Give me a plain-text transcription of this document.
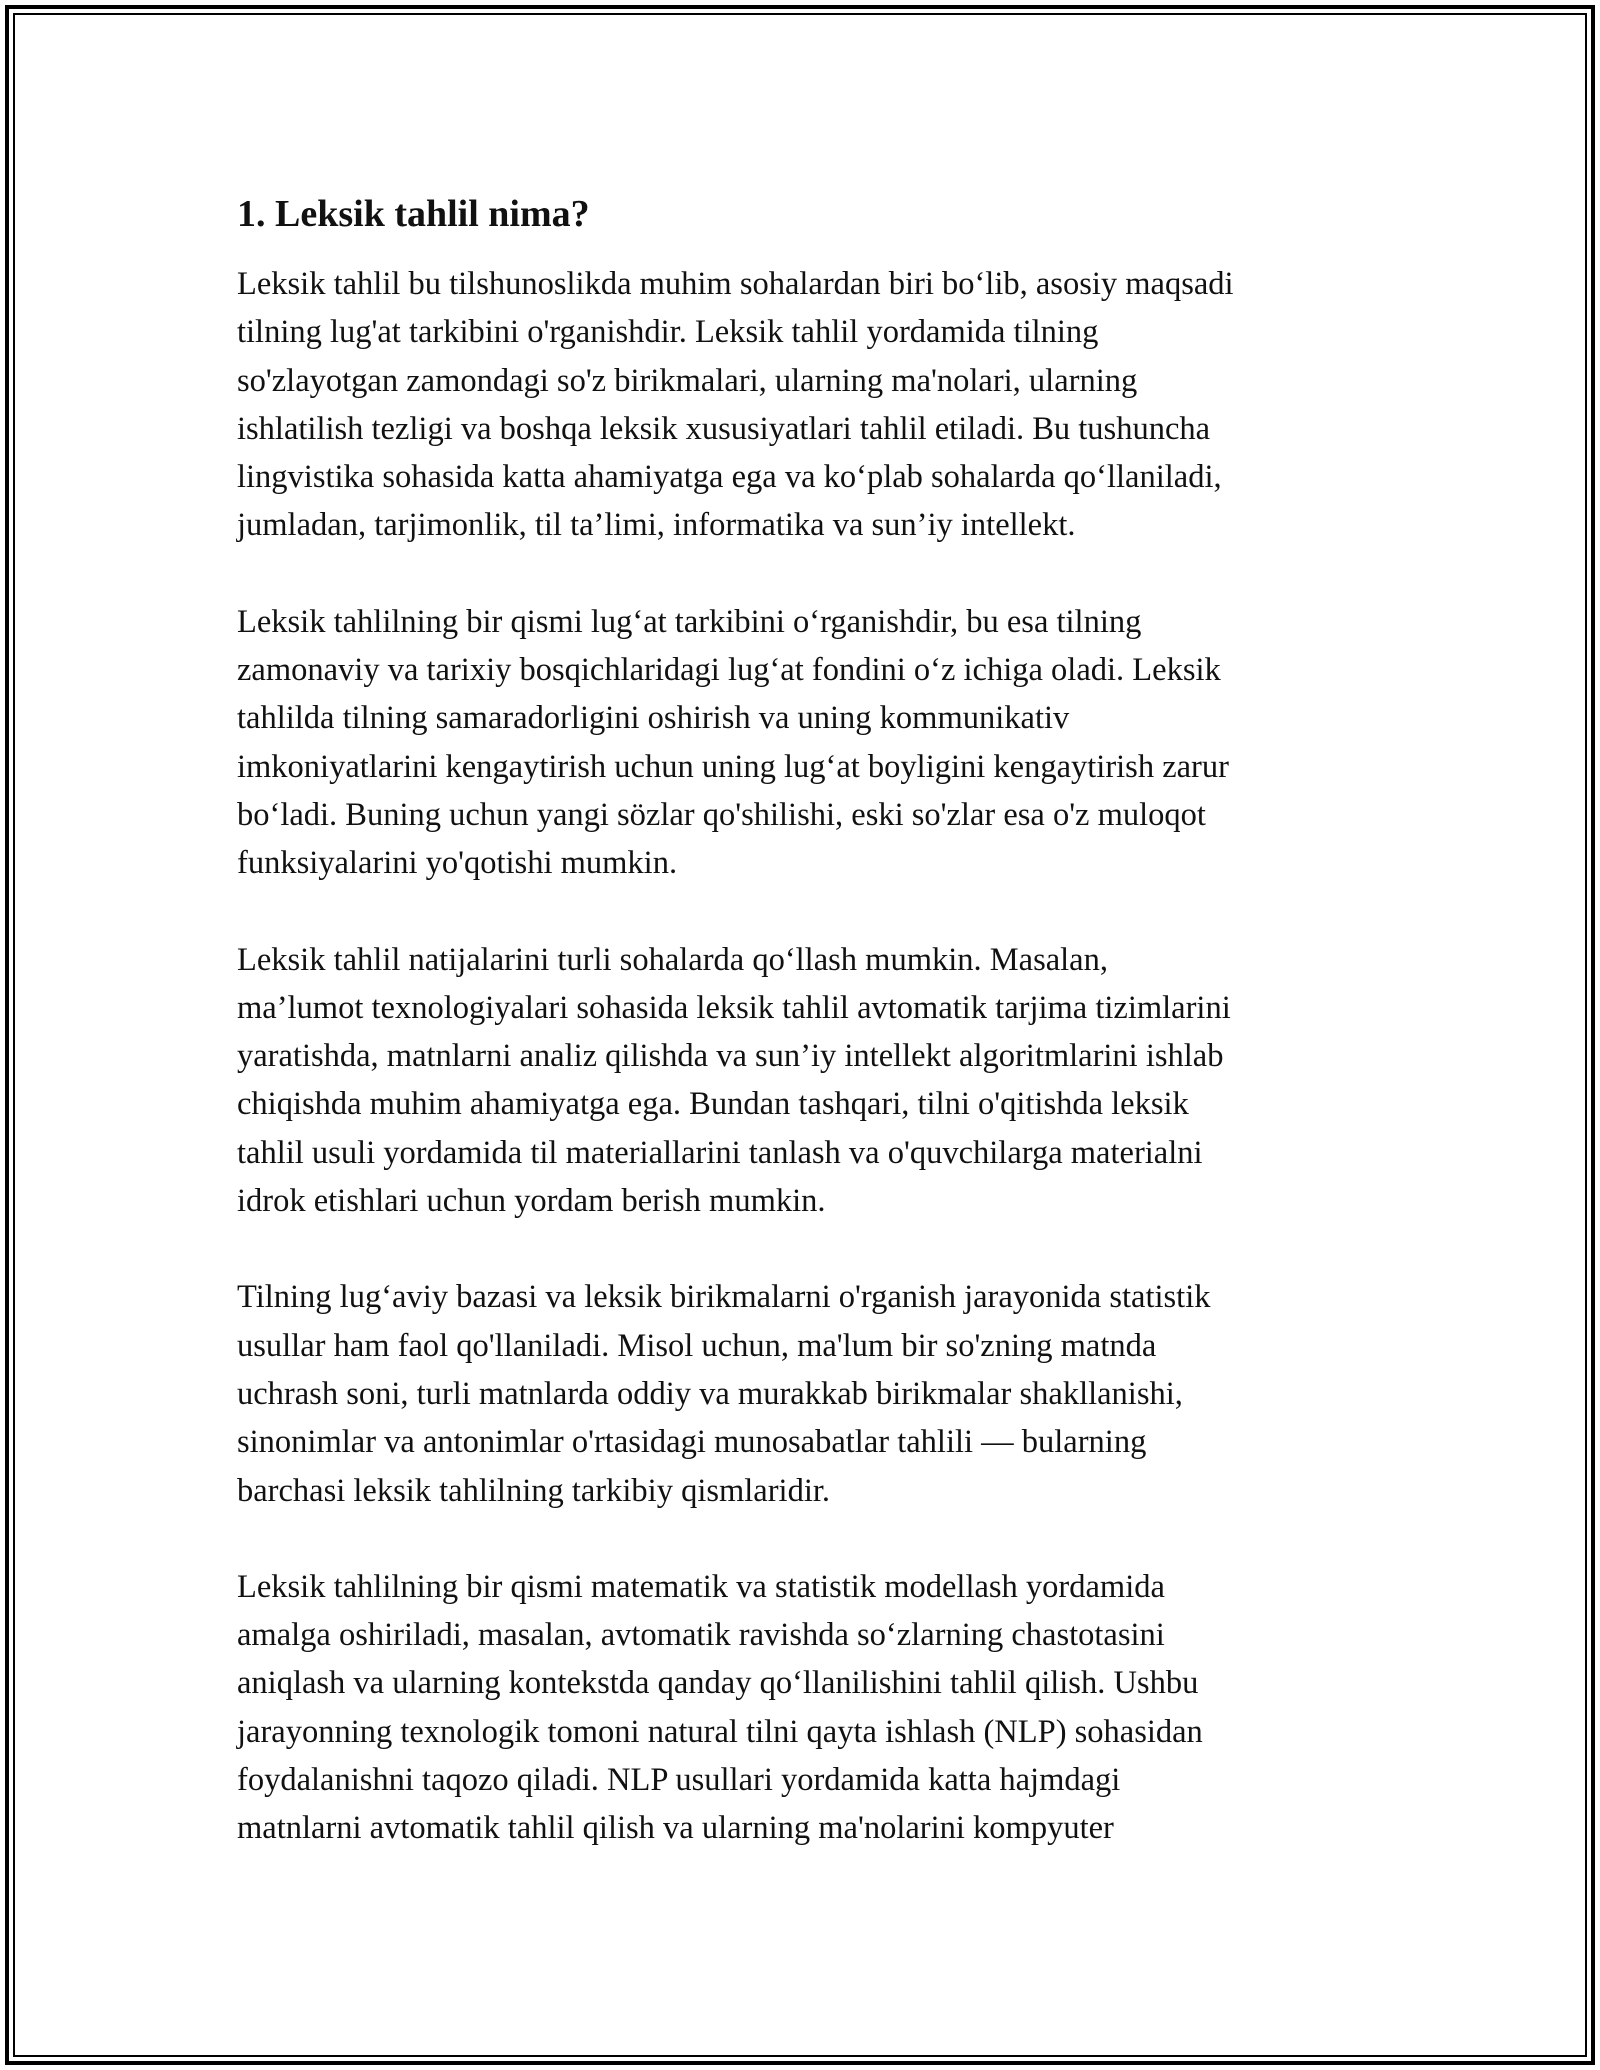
1. Leksik tahlil nima?

Leksik tahlil bu tilshunoslikda muhim sohalardan biri bo‘lib, asosiy maqsadi
tilning lug'at tarkibini o'rganishdir. Leksik tahlil yordamida tilning
so'zlayotgan zamondagi so'z birikmalari, ularning ma'nolari, ularning
ishlatilish tezligi va boshqa leksik xususiyatlari tahlil etiladi. Bu tushuncha
lingvistika sohasida katta ahamiyatga ega va ko‘plab sohalarda qo‘llaniladi,
jumladan, tarjimonlik, til ta’limi, informatika va sun’iy intellekt.

Leksik tahlilning bir qismi lug‘at tarkibini o‘rganishdir, bu esa tilning
zamonaviy va tarixiy bosqichlaridagi lug‘at fondini o‘z ichiga oladi. Leksik
tahlilda tilning samaradorligini oshirish va uning kommunikativ
imkoniyatlarini kengaytirish uchun uning lug‘at boyligini kengaytirish zarur
bo‘ladi. Buning uchun yangi sözlar qo'shilishi, eski so'zlar esa o'z muloqot
funksiyalarini yo'qotishi mumkin.

Leksik tahlil natijalarini turli sohalarda qo‘llash mumkin. Masalan,
ma’lumot texnologiyalari sohasida leksik tahlil avtomatik tarjima tizimlarini
yaratishda, matnlarni analiz qilishda va sun’iy intellekt algoritmlarini ishlab
chiqishda muhim ahamiyatga ega. Bundan tashqari, tilni o'qitishda leksik
tahlil usuli yordamida til materiallarini tanlash va o'quvchilarga materialni
idrok etishlari uchun yordam berish mumkin.

Tilning lug‘aviy bazasi va leksik birikmalarni o'rganish jarayonida statistik
usullar ham faol qo'llaniladi. Misol uchun, ma'lum bir so'zning matnda
uchrash soni, turli matnlarda oddiy va murakkab birikmalar shakllanishi,
sinonimlar va antonimlar o'rtasidagi munosabatlar tahlili — bularning
barchasi leksik tahlilning tarkibiy qismlaridir.

Leksik tahlilning bir qismi matematik va statistik modellash yordamida
amalga oshiriladi, masalan, avtomatik ravishda so‘zlarning chastotasini
aniqlash va ularning kontekstda qanday qo‘llanilishini tahlil qilish. Ushbu
jarayonning texnologik tomoni natural tilni qayta ishlash (NLP) sohasidan
foydalanishni taqozo qiladi. NLP usullari yordamida katta hajmdagi
matnlarni avtomatik tahlil qilish va ularning ma'nolarini kompyuter
